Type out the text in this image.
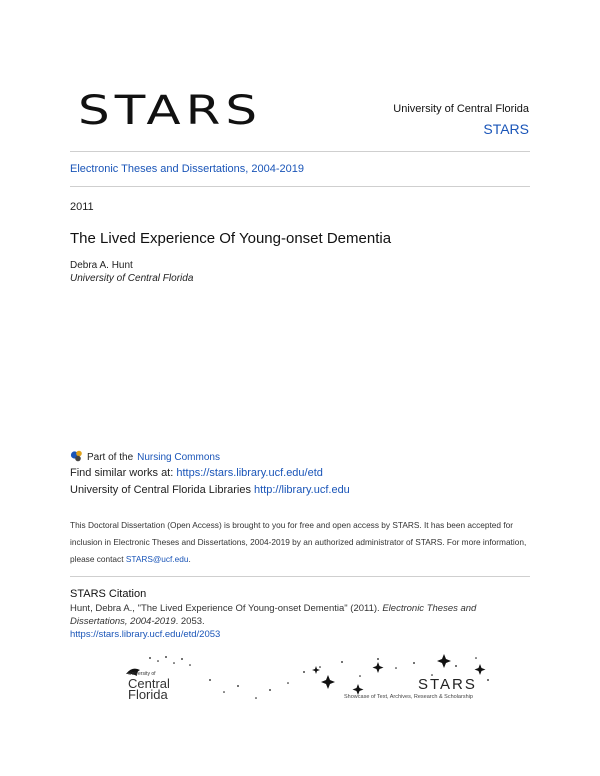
STARS	University of Central Florida
STARS
Electronic Theses and Dissertations, 2004-2019
2011
The Lived Experience Of Young-onset Dementia
Debra A. Hunt
University of Central Florida
Part of the Nursing Commons
Find similar works at: https://stars.library.ucf.edu/etd
University of Central Florida Libraries http://library.ucf.edu
This Doctoral Dissertation (Open Access) is brought to you for free and open access by STARS. It has been accepted for inclusion in Electronic Theses and Dissertations, 2004-2019 by an authorized administrator of STARS. For more information, please contact STARS@ucf.edu.
STARS Citation
Hunt, Debra A., "The Lived Experience Of Young-onset Dementia" (2011). Electronic Theses and Dissertations, 2004-2019. 2053.
https://stars.library.ucf.edu/etd/2053
University of
Central
Florida
STARS
Showcase of Text, Archives, Research & Scholarship
